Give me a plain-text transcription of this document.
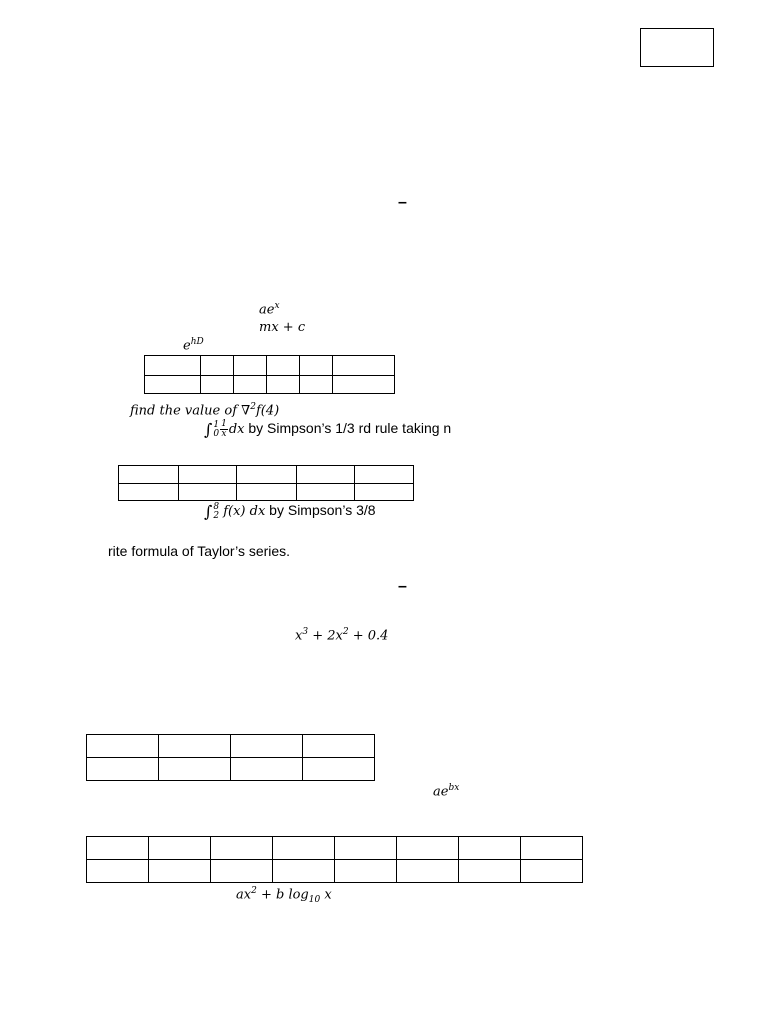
–
$ae^x$
mx + c
$e^{hD}$

find the value of ∇$^2$f(4)
∫ 1
$0 \frac{1}{x}$ dx by Simpson’s 1/3 rd rule taking n

∫ 8
2 f(x) dx by Simpson’s 3/8
rite formula of Taylor’s series.
–
$x^3 + 2x^2 + 0.4$

$ae^{bx}$

$ax^2 + b$ $\log_{10} x$
